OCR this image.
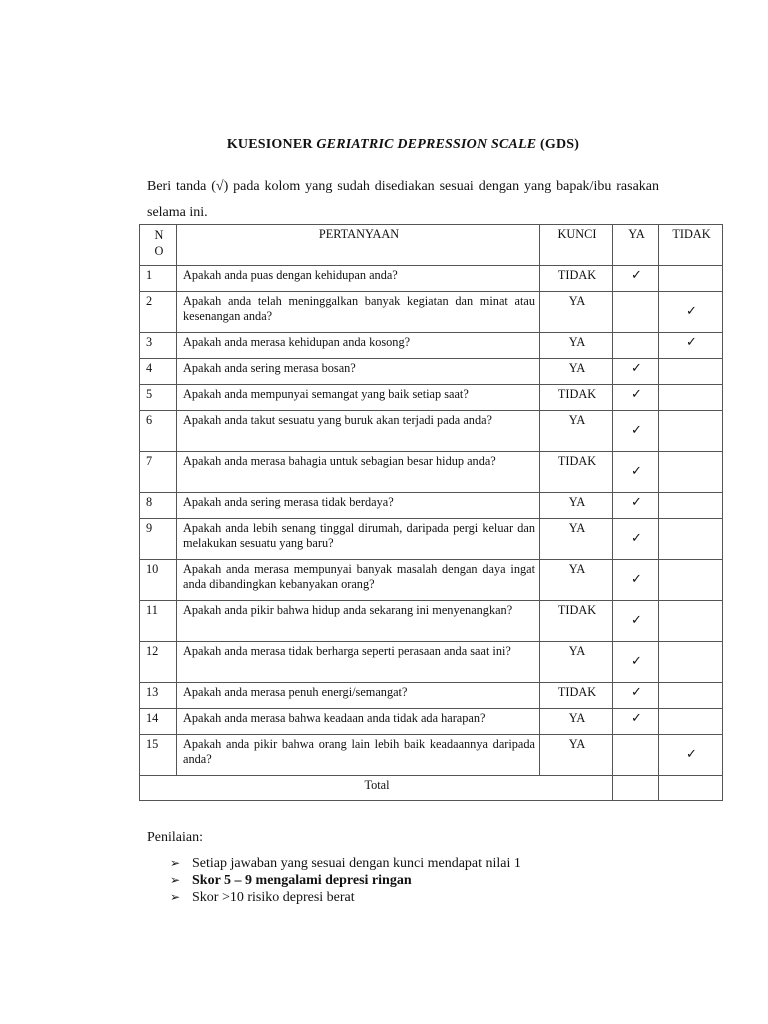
KUESIONER GERIATRIC DEPRESSION SCALE (GDS)
Beri tanda (√) pada kolom yang sudah disediakan sesuai dengan yang bapak/ibu rasakan selama ini.
N
O	PERTANYAAN	KUNCI	YA	TIDAK
1	Apakah anda puas dengan kehidupan anda?	TIDAK	✓	
2	Apakah anda telah meninggalkan banyak kegiatan dan minat atau kesenangan anda?	YA		✓
3	Apakah anda merasa kehidupan anda kosong?	YA		✓
4	Apakah anda sering merasa bosan?	YA	✓	
5	Apakah anda mempunyai semangat yang baik setiap saat?	TIDAK	✓	
6	Apakah anda takut sesuatu yang buruk akan terjadi pada anda?	YA	✓	
7	Apakah anda merasa bahagia untuk sebagian besar hidup anda?	TIDAK	✓	
8	Apakah anda sering merasa tidak berdaya?	YA	✓	
9	Apakah anda lebih senang tinggal dirumah, daripada pergi keluar dan melakukan sesuatu yang baru?	YA	✓	
10	Apakah anda merasa mempunyai banyak masalah dengan daya ingat anda dibandingkan kebanyakan orang?	YA	✓	
11	Apakah anda pikir bahwa hidup anda sekarang ini menyenangkan?	TIDAK	✓	
12	Apakah anda merasa tidak berharga seperti perasaan anda saat ini?	YA	✓	
13	Apakah anda merasa penuh energi/semangat?	TIDAK	✓	
14	Apakah anda merasa bahwa keadaan anda tidak ada harapan?	YA	✓	
15	Apakah anda pikir bahwa orang lain lebih baik keadaannya daripada anda?	YA		✓
Total				
Penilaian:
➢ Setiap jawaban yang sesuai dengan kunci mendapat nilai 1
➢ Skor 5 – 9 mengalami depresi ringan
➢ Skor >10 risiko depresi berat
